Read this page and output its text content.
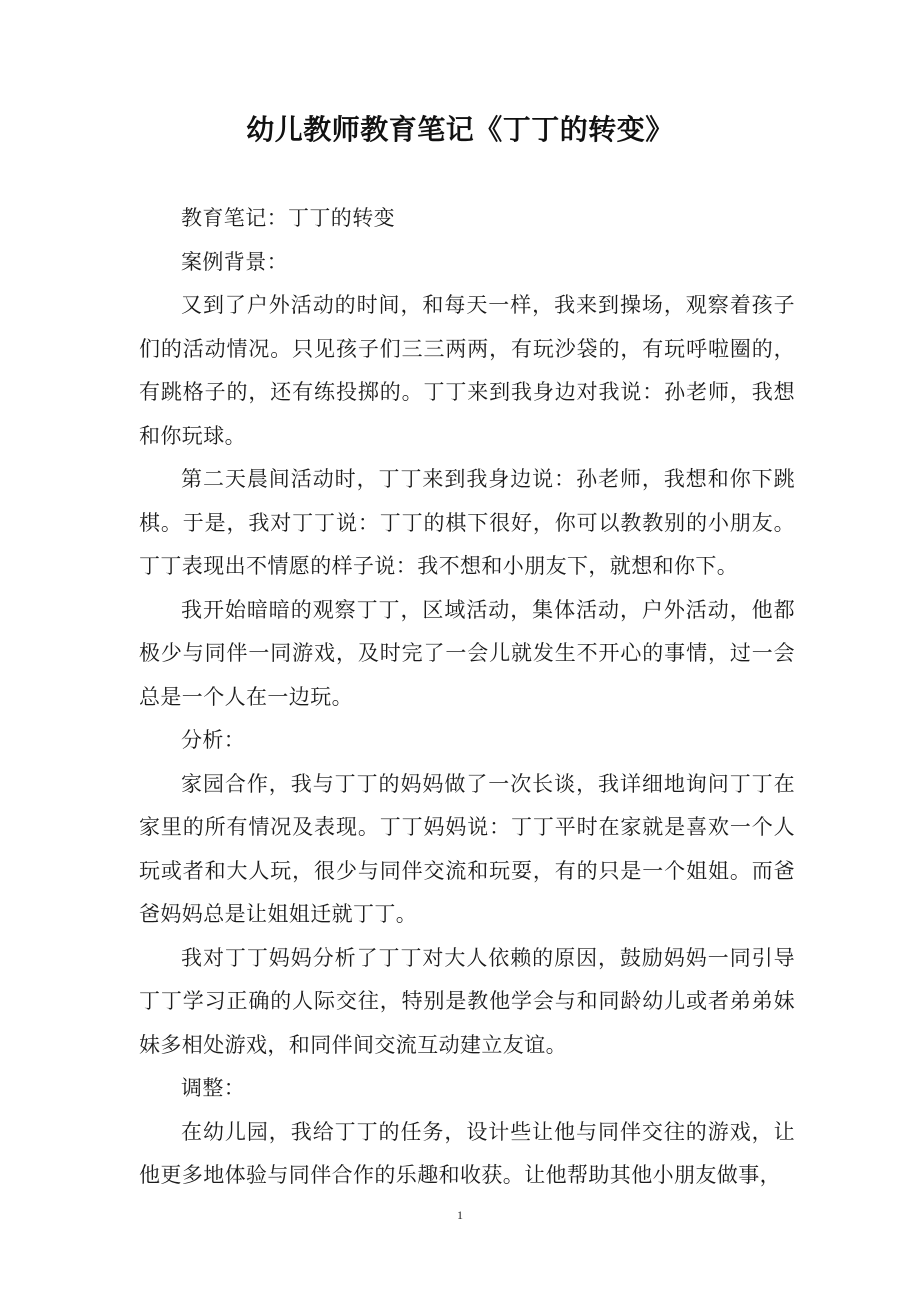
幼儿教师教育笔记《丁丁的转变》

教育笔记：丁丁的转变

案例背景：

又到了户外活动的时间，和每天一样，我来到操场，观察着孩子们的活动情况。只见孩子们三三两两，有玩沙袋的，有玩呼啦圈的，有跳格子的，还有练投掷的。丁丁来到我身边对我说：孙老师，我想和你玩球。

第二天晨间活动时，丁丁来到我身边说：孙老师，我想和你下跳棋。于是，我对丁丁说：丁丁的棋下很好，你可以教教别的小朋友。丁丁表现出不情愿的样子说：我不想和小朋友下，就想和你下。

我开始暗暗的观察丁丁，区域活动，集体活动，户外活动，他都极少与同伴一同游戏，及时完了一会儿就发生不开心的事情，过一会总是一个人在一边玩。

分析：

家园合作，我与丁丁的妈妈做了一次长谈，我详细地询问丁丁在家里的所有情况及表现。丁丁妈妈说：丁丁平时在家就是喜欢一个人玩或者和大人玩，很少与同伴交流和玩耍，有的只是一个姐姐。而爸爸妈妈总是让姐姐迁就丁丁。

我对丁丁妈妈分析了丁丁对大人依赖的原因，鼓励妈妈一同引导丁丁学习正确的人际交往，特别是教他学会与和同龄幼儿或者弟弟妹妹多相处游戏，和同伴间交流互动建立友谊。

调整：

在幼儿园，我给丁丁的任务，设计些让他与同伴交往的游戏，让他更多地体验与同伴合作的乐趣和收获。让他帮助其他小朋友做事，

1
